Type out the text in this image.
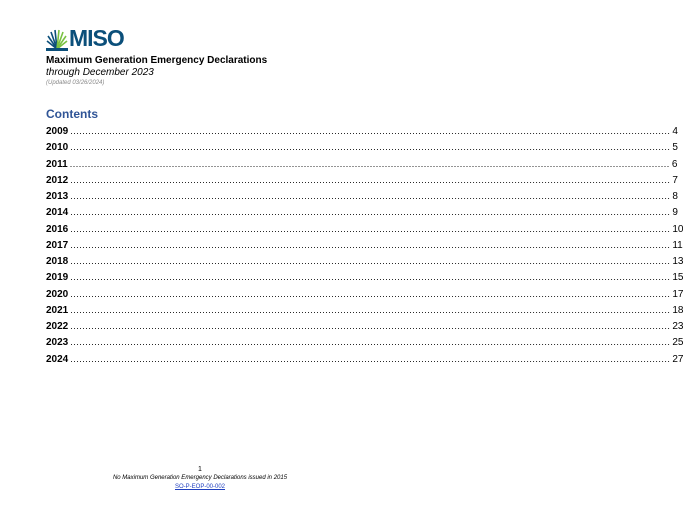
MISO
Maximum Generation Emergency Declarations
through December 2023
(Updated 03/26/2024)
Contents
2009 ........................................................................................................................................................................................................ 4
2010 ........................................................................................................................................................................................................ 5
2011 ........................................................................................................................................................................................................ 6
2012 ........................................................................................................................................................................................................ 7
2013 ........................................................................................................................................................................................................ 8
2014 ........................................................................................................................................................................................................ 9
2016 ........................................................................................................................................................................................................ 10
2017 ........................................................................................................................................................................................................ 11
2018 ........................................................................................................................................................................................................ 13
2019 ........................................................................................................................................................................................................ 15
2020 ........................................................................................................................................................................................................ 17
2021 ........................................................................................................................................................................................................ 18
2022 ........................................................................................................................................................................................................ 23
2023 ........................................................................................................................................................................................................ 25
2024 ........................................................................................................................................................................................................ 27
1
No Maximum Generation Emergency Declarations issued in 2015
SO-P-EOP-00-002
